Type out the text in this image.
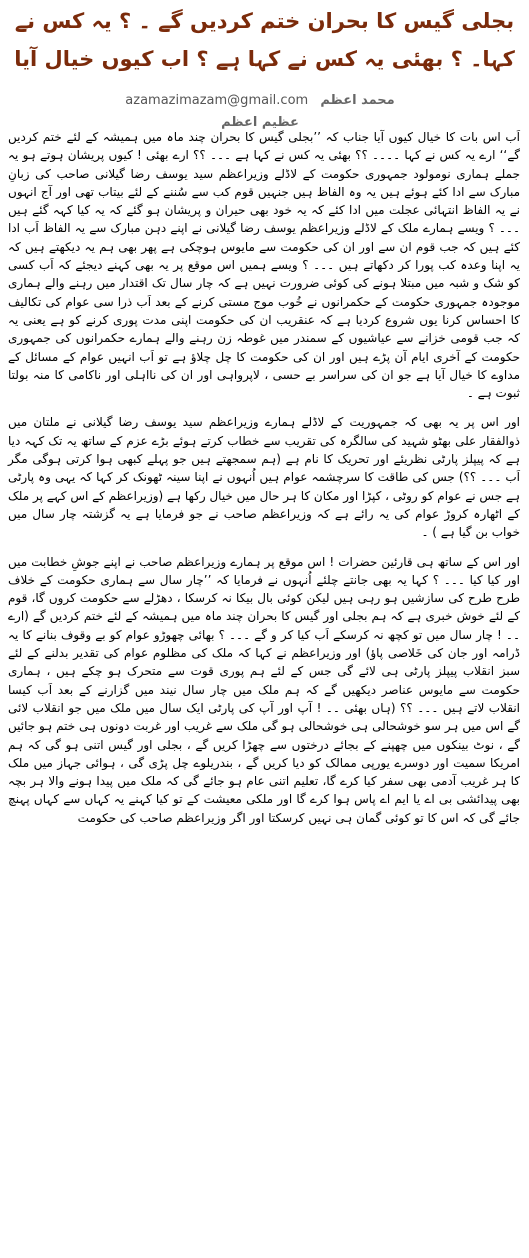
بجلی گیس کا بحران ختم کردیں گے ۔ ؟ یہ کس نے کہا۔ ؟ بھئی یہ کس نے کہا ہے ؟ اب کیوں خیال آیا
azamazimazam@gmail.com محمد اعظم عظیم اعظم

اَب اس بات کا خیال کیوں آیا جناب کہ ’’بجلی گیس کا بحران چند ماہ میں ہمیشہ کے لئے ختم کردیں گے‘‘ ارے یہ کس نے کہا ۔۔۔۔ ؟؟ بھئی یہ کس نے کہا ہے ۔۔۔ ؟؟ ارے بھئی ! کیوں پریشان ہوتے ہو یہ جملے ہماری نومولود جمہوری حکومت کے لاڈلے وزیراعظم سید یوسف رضا گیلانی صاحب کی زبانِ مبارک سے ادا کئے ہوئے ہیں یہ وہ الفاظ ہیں جنہیں قوم کب سے سُننے کے لئے بیتاب تھی اور آج انہوں نے یہ الفاظ انتہائی عجلت میں ادا کئے کہ یہ خود بھی حیران و پریشان ہو گئے کہ یہ کیا کہہ گئے ہیں ۔۔۔ ؟ ویسے ہمارے ملک کے لاڈلے وزیراعظم یوسف رضا گیلانی نے اپنے دہن مبارک سے یہ الفاظ اَب ادا کئے ہیں کہ جب قوم ان سے اور ان کی حکومت سے مایوس ہوچکی ہے پھر بھی ہم یہ دیکھتے ہیں کہ یہ اپنا وعدہ کب پورا کر دکھاتے ہیں ۔۔۔ ؟ ویسے ہمیں اس موقع پر یہ بھی کہنے دیجئے کہ اَب کسی کو شک و شبہ میں مبتلا ہونے کی کوئی ضرورت نہیں ہے کہ چار سال تک اقتدار میں رہنے والے ہماری موجودہ جمہوری حکومت کے حکمرانوں نے خُوب موج مستی کرنے کے بعد اَب ذرا سی عوام کی تکالیف کا احساس کرنا یوں شروع کردیا ہے کہ عنقریب ان کی حکومت اپنی مدت پوری کرنے کو ہے یعنی یہ کہ جب قومی خزانے سے عیاشیوں کے سمندر میں غوطہ زن رہنے والے ہمارے حکمرانوں کی جمہوری حکومت کے آخری ایام آن پڑے ہیں اور ان کی حکومت کا چل چلاؤ ہے تو اَب انہیں عوام کے مسائل کے مداوے کا خیال آیا ہے جو ان کی سراسر بے حسی ، لاپرواہی اور ان کی نااہلی اور ناکامی کا منہ بولتا ثبوت ہے ۔

اور اس پر یہ بھی کہ جمہوریت کے لاڈلے ہمارے وزیراعظم سید یوسف رضا گیلانی نے ملتان میں ذوالفقار علی بھٹو شہید کی سالگرہ کی تقریب سے خطاب کرتے ہوئے بڑے عزم کے ساتھ یہ تک کہہ دیا ہے کہ پیپلز پارٹی نظریئے اور تحریک کا نام ہے (ہم سمجھتے ہیں جو پہلے کبھی ہوا کرتی ہوگی مگر اَب ۔۔۔ ؟؟) جس کی طاقت کا سرچشمہ عوام ہیں اُنہوں نے اپنا سینہ ٹھونک کر کہا کہ یہی وہ پارٹی ہے جس نے عوام کو روٹی ، کپڑا اور مکان کا ہر حال میں خیال رکھا ہے (وزیراعظم کے اس کہے پر ملک کے اٹھارہ کروڑ عوام کی یہ رائے ہے کہ وزیراعظم صاحب نے جو فرمایا ہے یہ گزشتہ چار سال میں خواب بن گیا ہے ) ۔

اور اس کے ساتھ ہی قارئین حضرات ! اس موقع پر ہمارے وزیراعظم صاحب نے اپنے جوشِ خطابت میں اور کیا کیا ۔۔۔ ؟ کہا یہ بھی جانتے چلئے اُنہوں نے فرمایا کہ ’’چار سال سے ہماری حکومت کے خلاف طرح طرح کی سازشیں ہو رہی ہیں لیکن کوئی بال بیکا نہ کرسکا ، دھڑلے سے حکومت کروں گا، قوم کے لئے خوش خبری ہے کہ ہم بجلی اور گیس کا بحران چند ماہ میں ہمیشہ کے لئے ختم کردیں گے (ارے ۔۔ ! چار سال میں تو کچھ نہ کرسکے اَب کیا کر و گے ۔۔۔ ؟ بھائی چھوڑو عوام کو بے وقوف بنانے کا یہ ڈرامہ اور جان کی خَلاصی پاؤ) اور وزیراعظم نے کہا کہ ملک کی مظلوم عوام کی تقدیر بدلنے کے لئے سبز انقلاب پیپلز پارٹی ہی لائے گی جس کے لئے ہم پوری قوت سے متحرک ہو چکے ہیں ، ہماری حکومت سے مایوس عناصر دیکھیں گے کہ ہم ملک میں چار سال نیند میں گزارنے کے بعد اَب کیسا انقلاب لاتے ہیں ۔۔۔ ؟؟ (ہاں بھئی ۔۔ ! آپ اور آپ کی پارٹی ایک سال میں ملک میں جو انقلاب لائی گے اس میں ہر سو خوشحالی ہی خوشحالی ہو گی ملک سے غریب اور غربت دونوں ہی ختم ہو جائیں گے ، نوٹ بینکوں میں چھپنے کے بجائے درختوں سے چھڑا کریں گے ، بجلی اور گیس اتنی ہو گی کہ ہم امریکا سمیت اور دوسرے یورپی ممالک کو دیا کریں گے ، بندریلوے چل پڑی گی ، ہوائی جہاز میں ملک کا ہر غریب آدمی بھی سفر کیا کرے گا، تعلیم اتنی عام ہو جائے گی کہ ملک میں پیدا ہونے والا ہر بچہ بھی پیدائشی بی اے یا ایم اے پاس ہوا کرے گا اور ملکی معیشت کے تو کیا کہنے یہ کہاں سے کہاں پہنچ جائے گی کہ اس کا تو کوئی گمان ہی نہیں کرسکتا اور اگر وزیراعظم صاحب کی حکومت
